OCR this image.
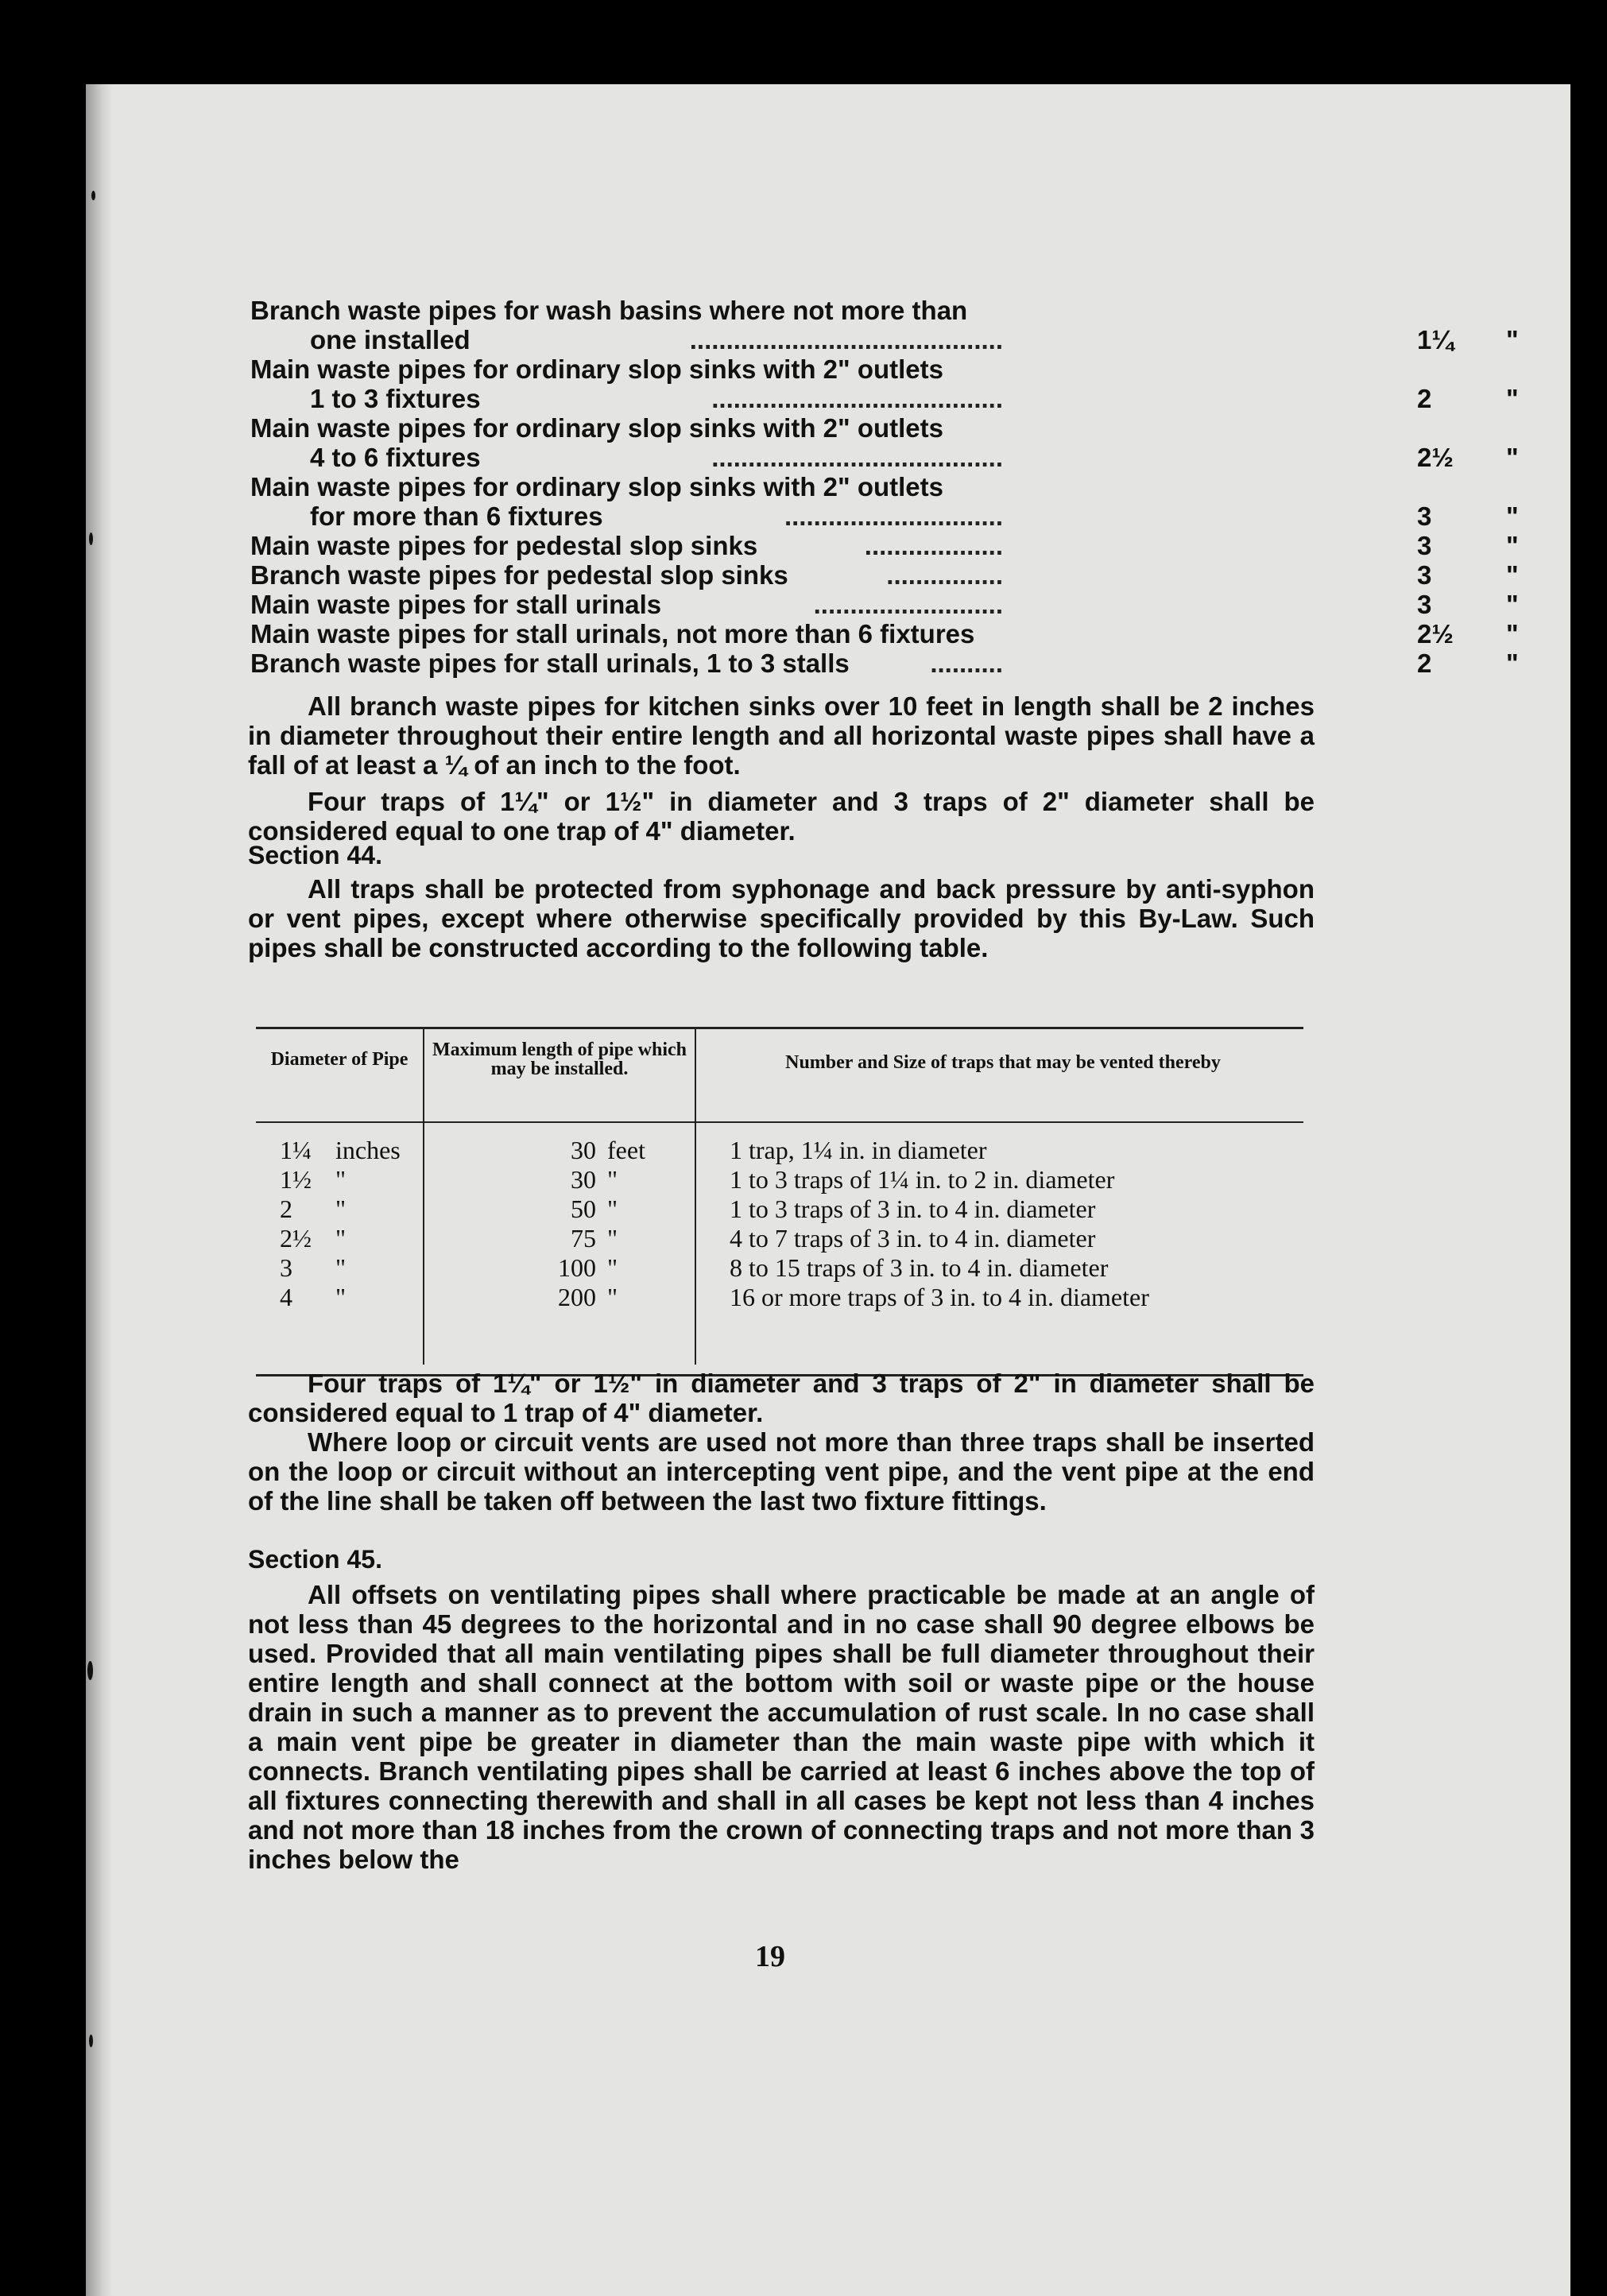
Branch waste pipes for wash basins where not more than
one installed	...........................................	1¼ "
Main waste pipes for ordinary slop sinks with 2" outlets
1 to 3 fixtures	........................................	2	"
Main waste pipes for ordinary slop sinks with 2" outlets
4 to 6 fixtures	........................................	2½ "
Main waste pipes for ordinary slop sinks with 2" outlets
for more than 6 fixtures	..............................	3	"
Main waste pipes for pedestal slop sinks	...................	3	"
Branch waste pipes for pedestal slop sinks	................	3	"
Main waste pipes for stall urinals	..........................	3	"
Main waste pipes for stall urinals, not more than 6 fixtures	2½ "
Branch waste pipes for stall urinals, 1 to 3 stalls	..........	2	"

All branch waste pipes for kitchen sinks over 10 feet in length shall be 2 inches in diameter throughout their entire length and all horizontal waste pipes shall have a fall of at least a ¼ of an inch to the foot.

Four traps of 1¼" or 1½" in diameter and 3 traps of 2" diameter shall be considered equal to one trap of 4" diameter.

Section 44.

All traps shall be protected from syphonage and back pressure by anti-syphon or vent pipes, except where otherwise specifically provided by this By-Law. Such pipes shall be constructed according to the following table.

Diameter of Pipe	Maximum length of pipe which may be installed.	Number and Size of traps that may be vented thereby
1¼ inches	30 feet	1 trap, 1¼ in. in diameter
1½ "	30 "	1 to 3 traps of 1¼ in. to 2 in. diameter
2 "	50 "	1 to 3 traps of 3 in. to 4 in. diameter
2½ "	75 "	4 to 7 traps of 3 in. to 4 in. diameter
3 "	100 "	8 to 15 traps of 3 in. to 4 in. diameter
4 "	200 "	16 or more traps of 3 in. to 4 in. diameter

Four traps of 1¼" or 1½" in diameter and 3 traps of 2" in diameter shall be considered equal to 1 trap of 4" diameter.

Where loop or circuit vents are used not more than three traps shall be inserted on the loop or circuit without an intercepting vent pipe, and the vent pipe at the end of the line shall be taken off between the last two fixture fittings.

Section 45.

All offsets on ventilating pipes shall where practicable be made at an angle of not less than 45 degrees to the horizontal and in no case shall 90 degree elbows be used. Provided that all main ventilating pipes shall be full diameter throughout their entire length and shall connect at the bottom with soil or waste pipe or the house drain in such a manner as to prevent the accumulation of rust scale. In no case shall a main vent pipe be greater in diameter than the main waste pipe with which it connects. Branch ventilating pipes shall be carried at least 6 inches above the top of all fixtures connecting therewith and shall in all cases be kept not less than 4 inches and not more than 18 inches from the crown of connecting traps and not more than 3 inches below the

19
